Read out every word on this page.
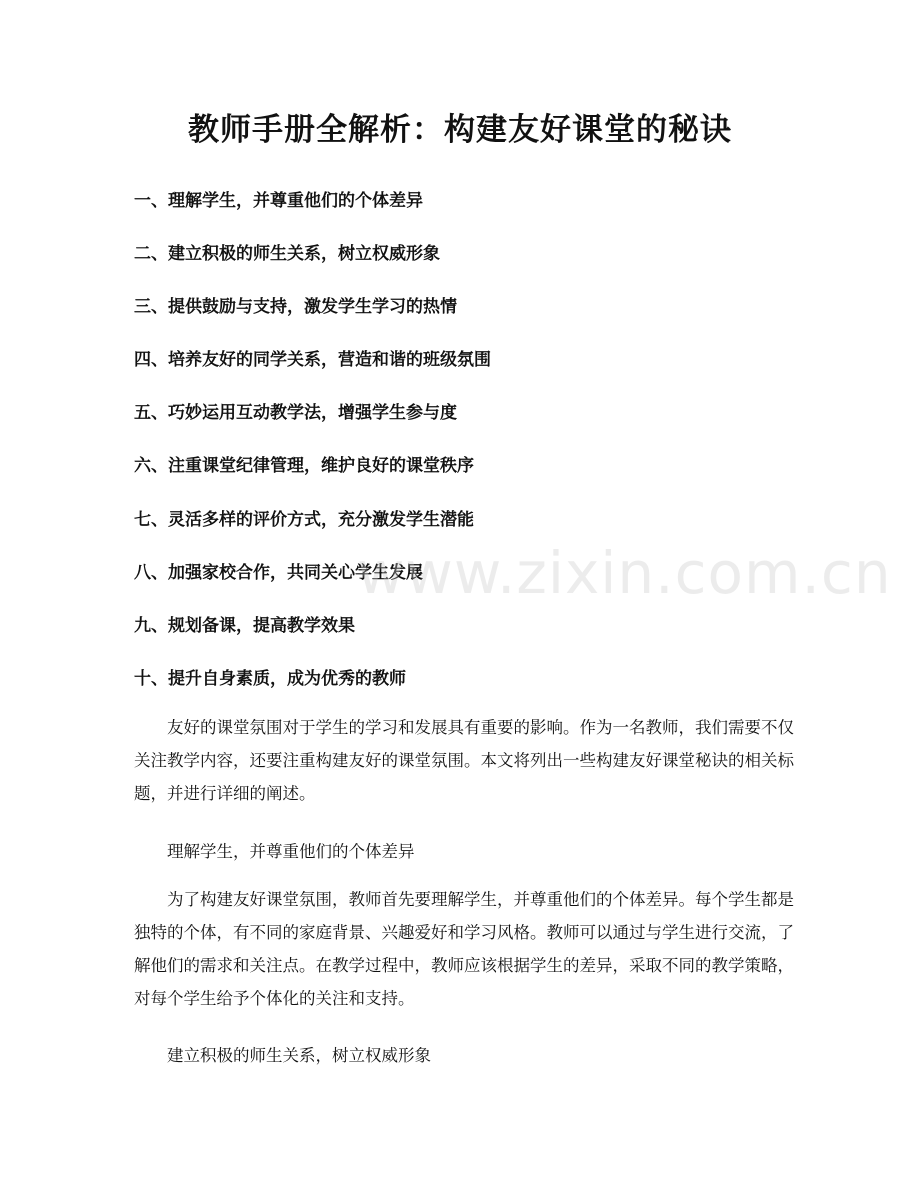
教师手册全解析：构建友好课堂的秘诀
一、理解学生，并尊重他们的个体差异
二、建立积极的师生关系，树立权威形象
三、提供鼓励与支持，激发学生学习的热情
四、培养友好的同学关系，营造和谐的班级氛围
五、巧妙运用互动教学法，增强学生参与度
六、注重课堂纪律管理，维护良好的课堂秩序
七、灵活多样的评价方式，充分激发学生潜能
八、加强家校合作，共同关心学生发展
九、规划备课，提高教学效果
十、提升自身素质，成为优秀的教师

友好的课堂氛围对于学生的学习和发展具有重要的影响。作为一名教师，我们需要不仅关注教学内容，还要注重构建友好的课堂氛围。本文将列出一些构建友好课堂秘诀的相关标题，并进行详细的阐述。

理解学生，并尊重他们的个体差异

为了构建友好课堂氛围，教师首先要理解学生，并尊重他们的个体差异。每个学生都是独特的个体，有不同的家庭背景、兴趣爱好和学习风格。教师可以通过与学生进行交流，了解他们的需求和关注点。在教学过程中，教师应该根据学生的差异，采取不同的教学策略，对每个学生给予个体化的关注和支持。

建立积极的师生关系，树立权威形象

www.zixin.com.cn
